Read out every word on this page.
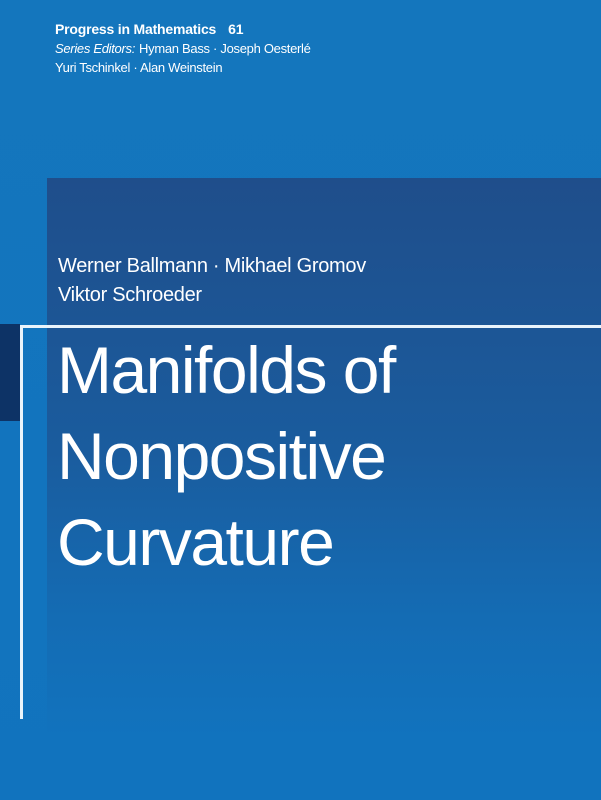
Progress in Mathematics 61
Series Editors: Hyman Bass · Joseph Oesterlé
Yuri Tschinkel · Alan Weinstein
Werner Ballmann · Mikhael Gromov
Viktor Schroeder
Manifolds of
Nonpositive
Curvature
